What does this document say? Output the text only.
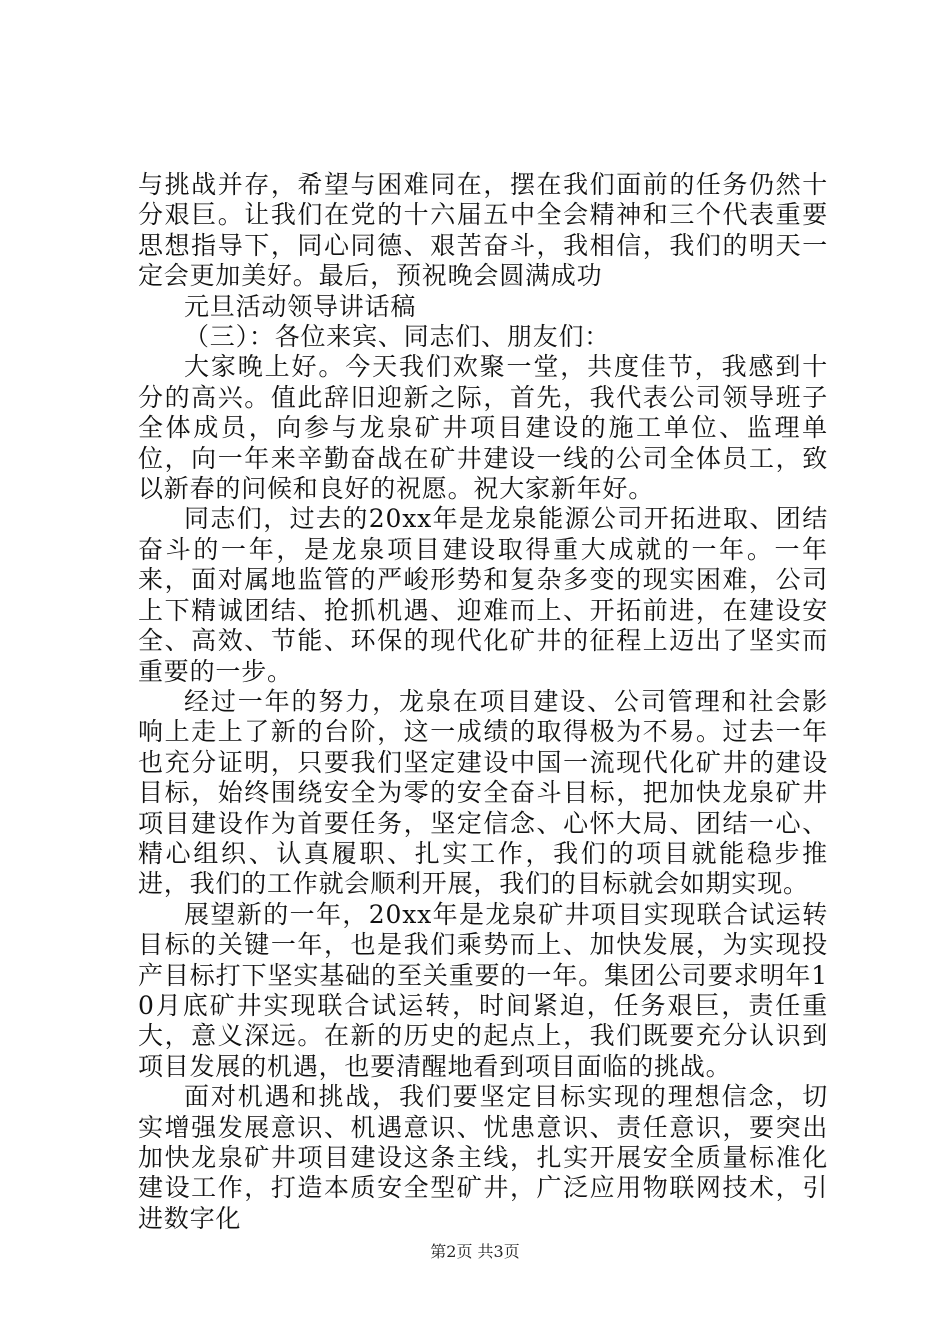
与挑战并存，希望与困难同在，摆在我们面前的任务仍然十分艰巨。让我们在党的十六届五中全会精神和三个代表重要思想指导下，同心同德、艰苦奋斗，我相信，我们的明天一定会更加美好。最后，预祝晚会圆满成功

元旦活动领导讲话稿

（三）：各位来宾、同志们、朋友们：

大家晚上好。今天我们欢聚一堂，共度佳节，我感到十分的高兴。值此辞旧迎新之际，首先，我代表公司领导班子全体成员，向参与龙泉矿井项目建设的施工单位、监理单位，向一年来辛勤奋战在矿井建设一线的公司全体员工，致以新春的问候和良好的祝愿。祝大家新年好。

同志们，过去的20xx年是龙泉能源公司开拓进取、团结奋斗的一年，是龙泉项目建设取得重大成就的一年。一年来，面对属地监管的严峻形势和复杂多变的现实困难，公司上下精诚团结、抢抓机遇、迎难而上、开拓前进，在建设安全、高效、节能、环保的现代化矿井的征程上迈出了坚实而重要的一步。

经过一年的努力，龙泉在项目建设、公司管理和社会影响上走上了新的台阶，这一成绩的取得极为不易。过去一年也充分证明，只要我们坚定建设中国一流现代化矿井的建设目标，始终围绕安全为零的安全奋斗目标，把加快龙泉矿井项目建设作为首要任务，坚定信念、心怀大局、团结一心、精心组织、认真履职、扎实工作，我们的项目就能稳步推进，我们的工作就会顺利开展，我们的目标就会如期实现。

展望新的一年，20xx年是龙泉矿井项目实现联合试运转目标的关键一年，也是我们乘势而上、加快发展，为实现投产目标打下坚实基础的至关重要的一年。集团公司要求明年10月底矿井实现联合试运转，时间紧迫，任务艰巨，责任重大，意义深远。在新的历史的起点上，我们既要充分认识到项目发展的机遇，也要清醒地看到项目面临的挑战。

面对机遇和挑战，我们要坚定目标实现的理想信念，切实增强发展意识、机遇意识、忧患意识、责任意识，要突出加快龙泉矿井项目建设这条主线，扎实开展安全质量标准化建设工作，打造本质安全型矿井，广泛应用物联网技术，引进数字化

第2页 共3页
